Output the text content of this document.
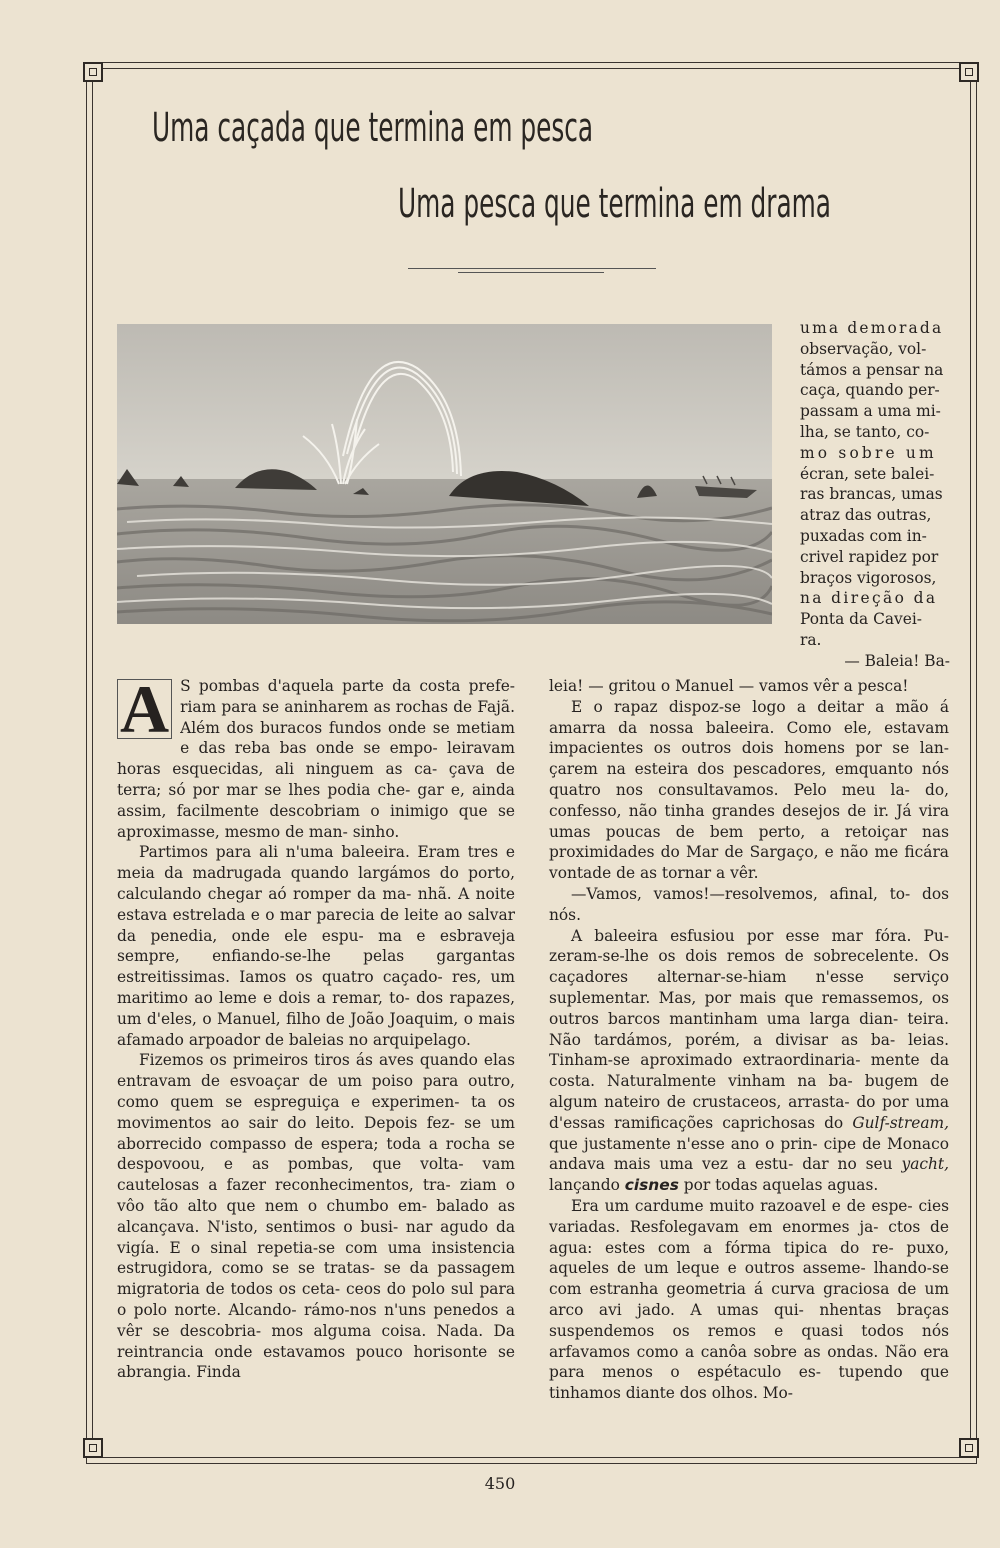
Uma caçada que termina em pesca
Uma pesca que termina em drama
uma demorada
observação, vol-
támos a pensar na
caça, quando per-
passam a uma mi-
lha, se tanto, co-
mo sobre um
écran, sete balei-
ras brancas, umas
atraz das outras,
puxadas com in-
crivel rapidez por
braços vigorosos,
na direção da
Ponta da Cavei-
ra.
— Baleia! Ba-

A S pombas d'aquela parte da costa prefe- riam para se aninharem as rochas de Fajã. Além dos buracos fundos onde se metiam e das reba bas onde se empo- leiravam horas esquecidas, ali ninguem as ca- çava de terra; só por mar se lhes podia che- gar e, ainda assim, facilmente descobriam o inimigo que se aproximasse, mesmo de man- sinho.

Partimos para ali n'uma baleeira. Eram tres e meia da madrugada quando largámos do porto, calculando chegar aó romper da ma- nhã. A noite estava estrelada e o mar parecia de leite ao salvar da penedia, onde ele espu- ma e esbraveja sempre, enfiando-se-lhe pelas gargantas estreitissimas. Iamos os quatro caçado- res, um maritimo ao leme e dois a remar, to- dos rapazes, um d'eles, o Manuel, filho de João Joaquim, o mais afamado arpoador de baleias no arquipelago.

Fizemos os primeiros tiros ás aves quando elas entravam de esvoaçar de um poiso para outro, como quem se espreguiça e experimen- ta os movimentos ao sair do leito. Depois fez- se um aborrecido compasso de espera; toda a rocha se despovoou, e as pombas, que volta- vam cautelosas a fazer reconhecimentos, tra- ziam o vôo tão alto que nem o chumbo em- balado as alcançava. N'isto, sentimos o busi- nar agudo da vigía. E o sinal repetia-se com uma insistencia estrugidora, como se se tratas- se da passagem migratoria de todos os ceta- ceos do polo sul para o polo norte. Alcando- rámo-nos n'uns penedos a vêr se descobria- mos alguma coisa. Nada. Da reintrancia onde estavamos pouco horisonte se abrangia. Finda

leia! — gritou o Manuel — vamos vêr a pesca!

E o rapaz dispoz-se logo a deitar a mão á amarra da nossa baleeira. Como ele, estavam impacientes os outros dois homens por se lan- çarem na esteira dos pescadores, emquanto nós quatro nos consultavamos. Pelo meu la- do, confesso, não tinha grandes desejos de ir. Já vira umas poucas de bem perto, a retoiçar nas proximidades do Mar de Sargaço, e não me ficára vontade de as tornar a vêr.

—Vamos, vamos!—resolvemos, afinal, to- dos nós.

A baleeira esfusiou por esse mar fóra. Pu- zeram-se-lhe os dois remos de sobrecelente. Os caçadores alternar-se-hiam n'esse serviço suplementar. Mas, por mais que remassemos, os outros barcos mantinham uma larga dian- teira. Não tardámos, porém, a divisar as ba- leias. Tinham-se aproximado extraordinaria- mente da costa. Naturalmente vinham na ba- bugem de algum nateiro de crustaceos, arrasta- do por uma d'essas ramificações caprichosas do Gulf-stream, que justamente n'esse ano o prin- cipe de Monaco andava mais uma vez a estu- dar no seu yacht, lançando cisnes por todas aquelas aguas.

Era um cardume muito razoavel e de espe- cies variadas. Resfolegavam em enormes ja- ctos de agua: estes com a fórma tipica do re- puxo, aqueles de um leque e outros asseme- lhando-se com estranha geometria á curva graciosa de um arco avi jado. A umas qui- nhentas braças suspendemos os remos e quasi todos nós arfavamos como a canôa sobre as ondas. Não era para menos o espétaculo es- tupendo que tinhamos diante dos olhos. Mo-

450
